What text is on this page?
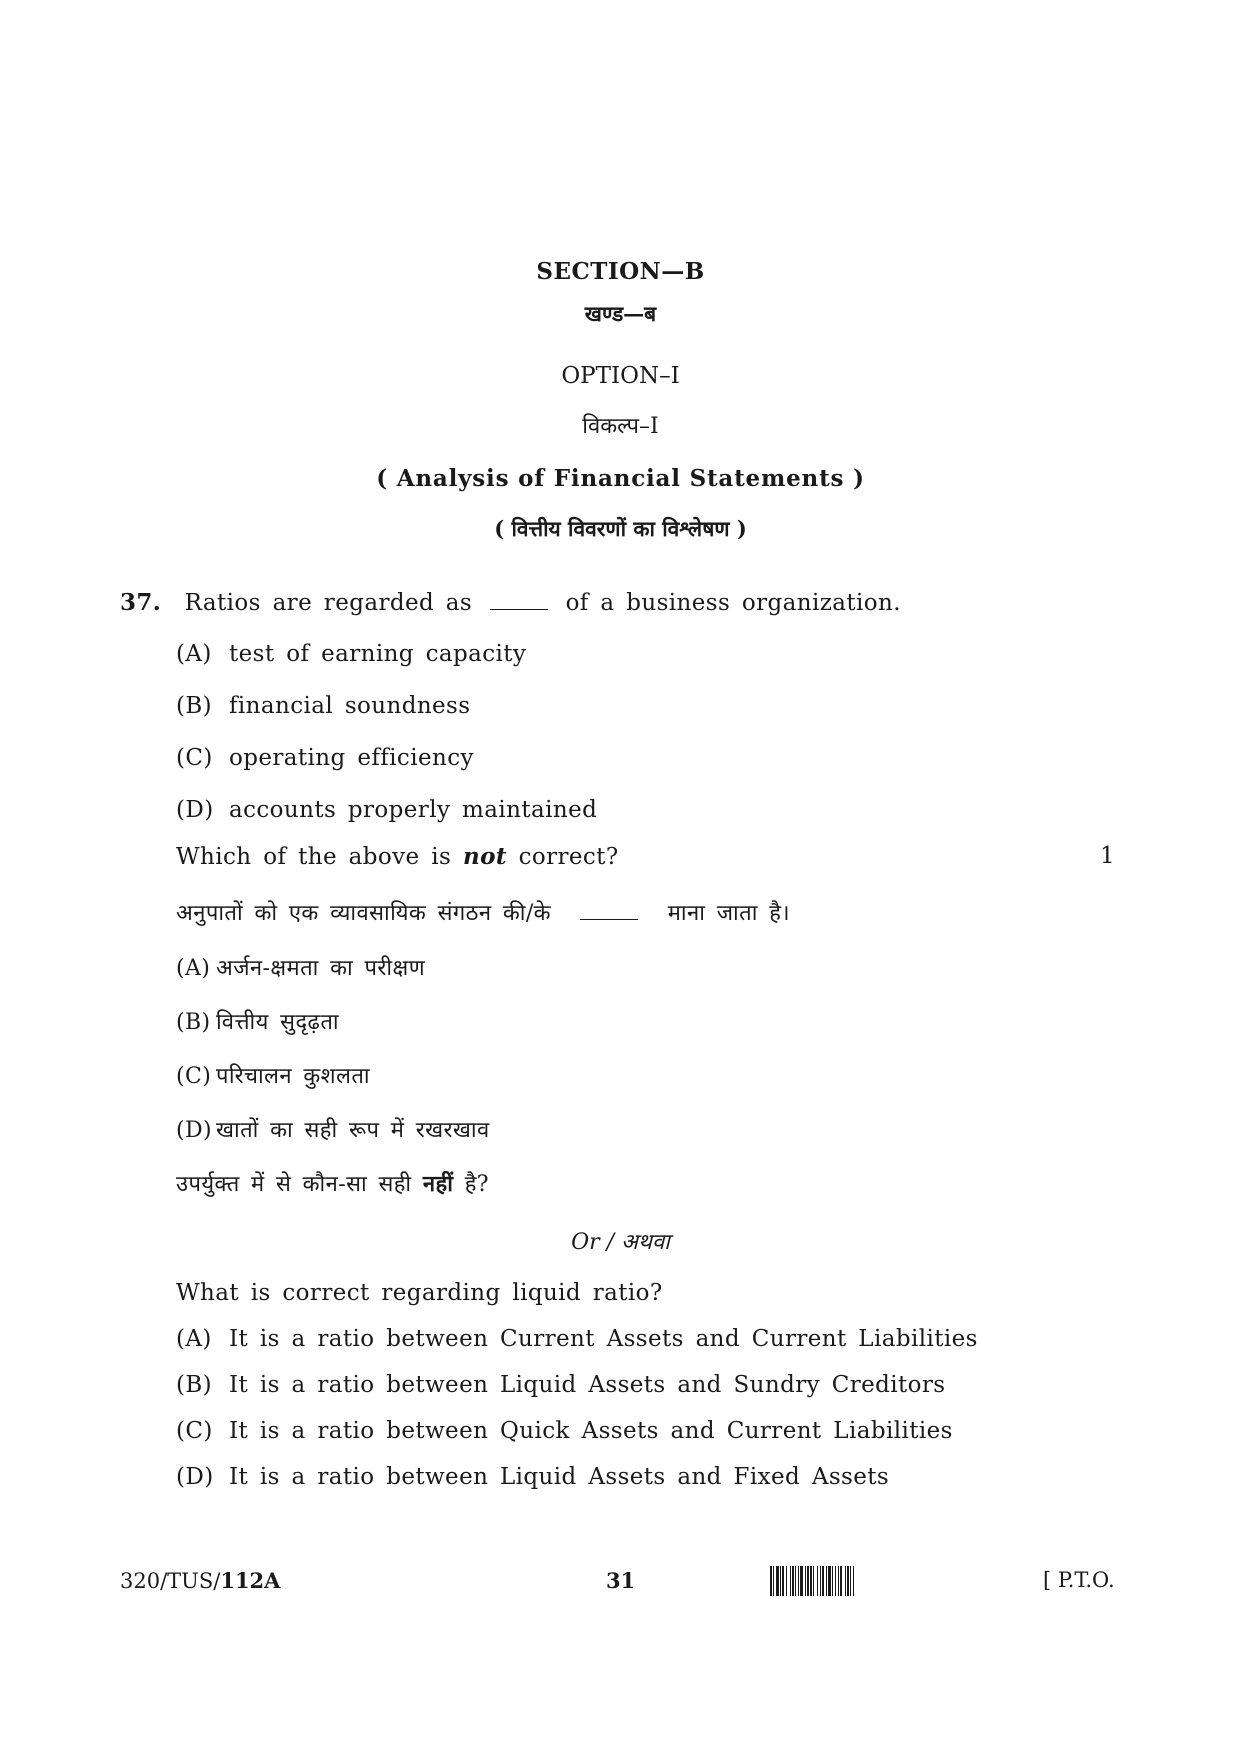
SECTION—B
खण्ड—ब
OPTION–I
विकल्प–I
( Analysis of Financial Statements )
( वित्तीय विवरणों का विश्लेषण )
37. Ratios are regarded as	of a business organization.
(A) test of earning capacity
(B) financial soundness
(C) operating efficiency
(D) accounts properly maintained
Which of the above is not correct?	1
अनुपातों को एक व्यावसायिक संगठन की/के	माना जाता है।
(A) अर्जन-क्षमता का परीक्षण
(B) वित्तीय सुदृढ़ता
(C) परिचालन कुशलता
(D) खातों का सही रूप में रखरखाव
उपर्युक्त में से कौन-सा सही नहीं है?
Or / अथवा
What is correct regarding liquid ratio?
(A) It is a ratio between Current Assets and Current Liabilities
(B) It is a ratio between Liquid Assets and Sundry Creditors
(C) It is a ratio between Quick Assets and Current Liabilities
(D) It is a ratio between Liquid Assets and Fixed Assets
320/TUS/112A	31	[ P.T.O.
